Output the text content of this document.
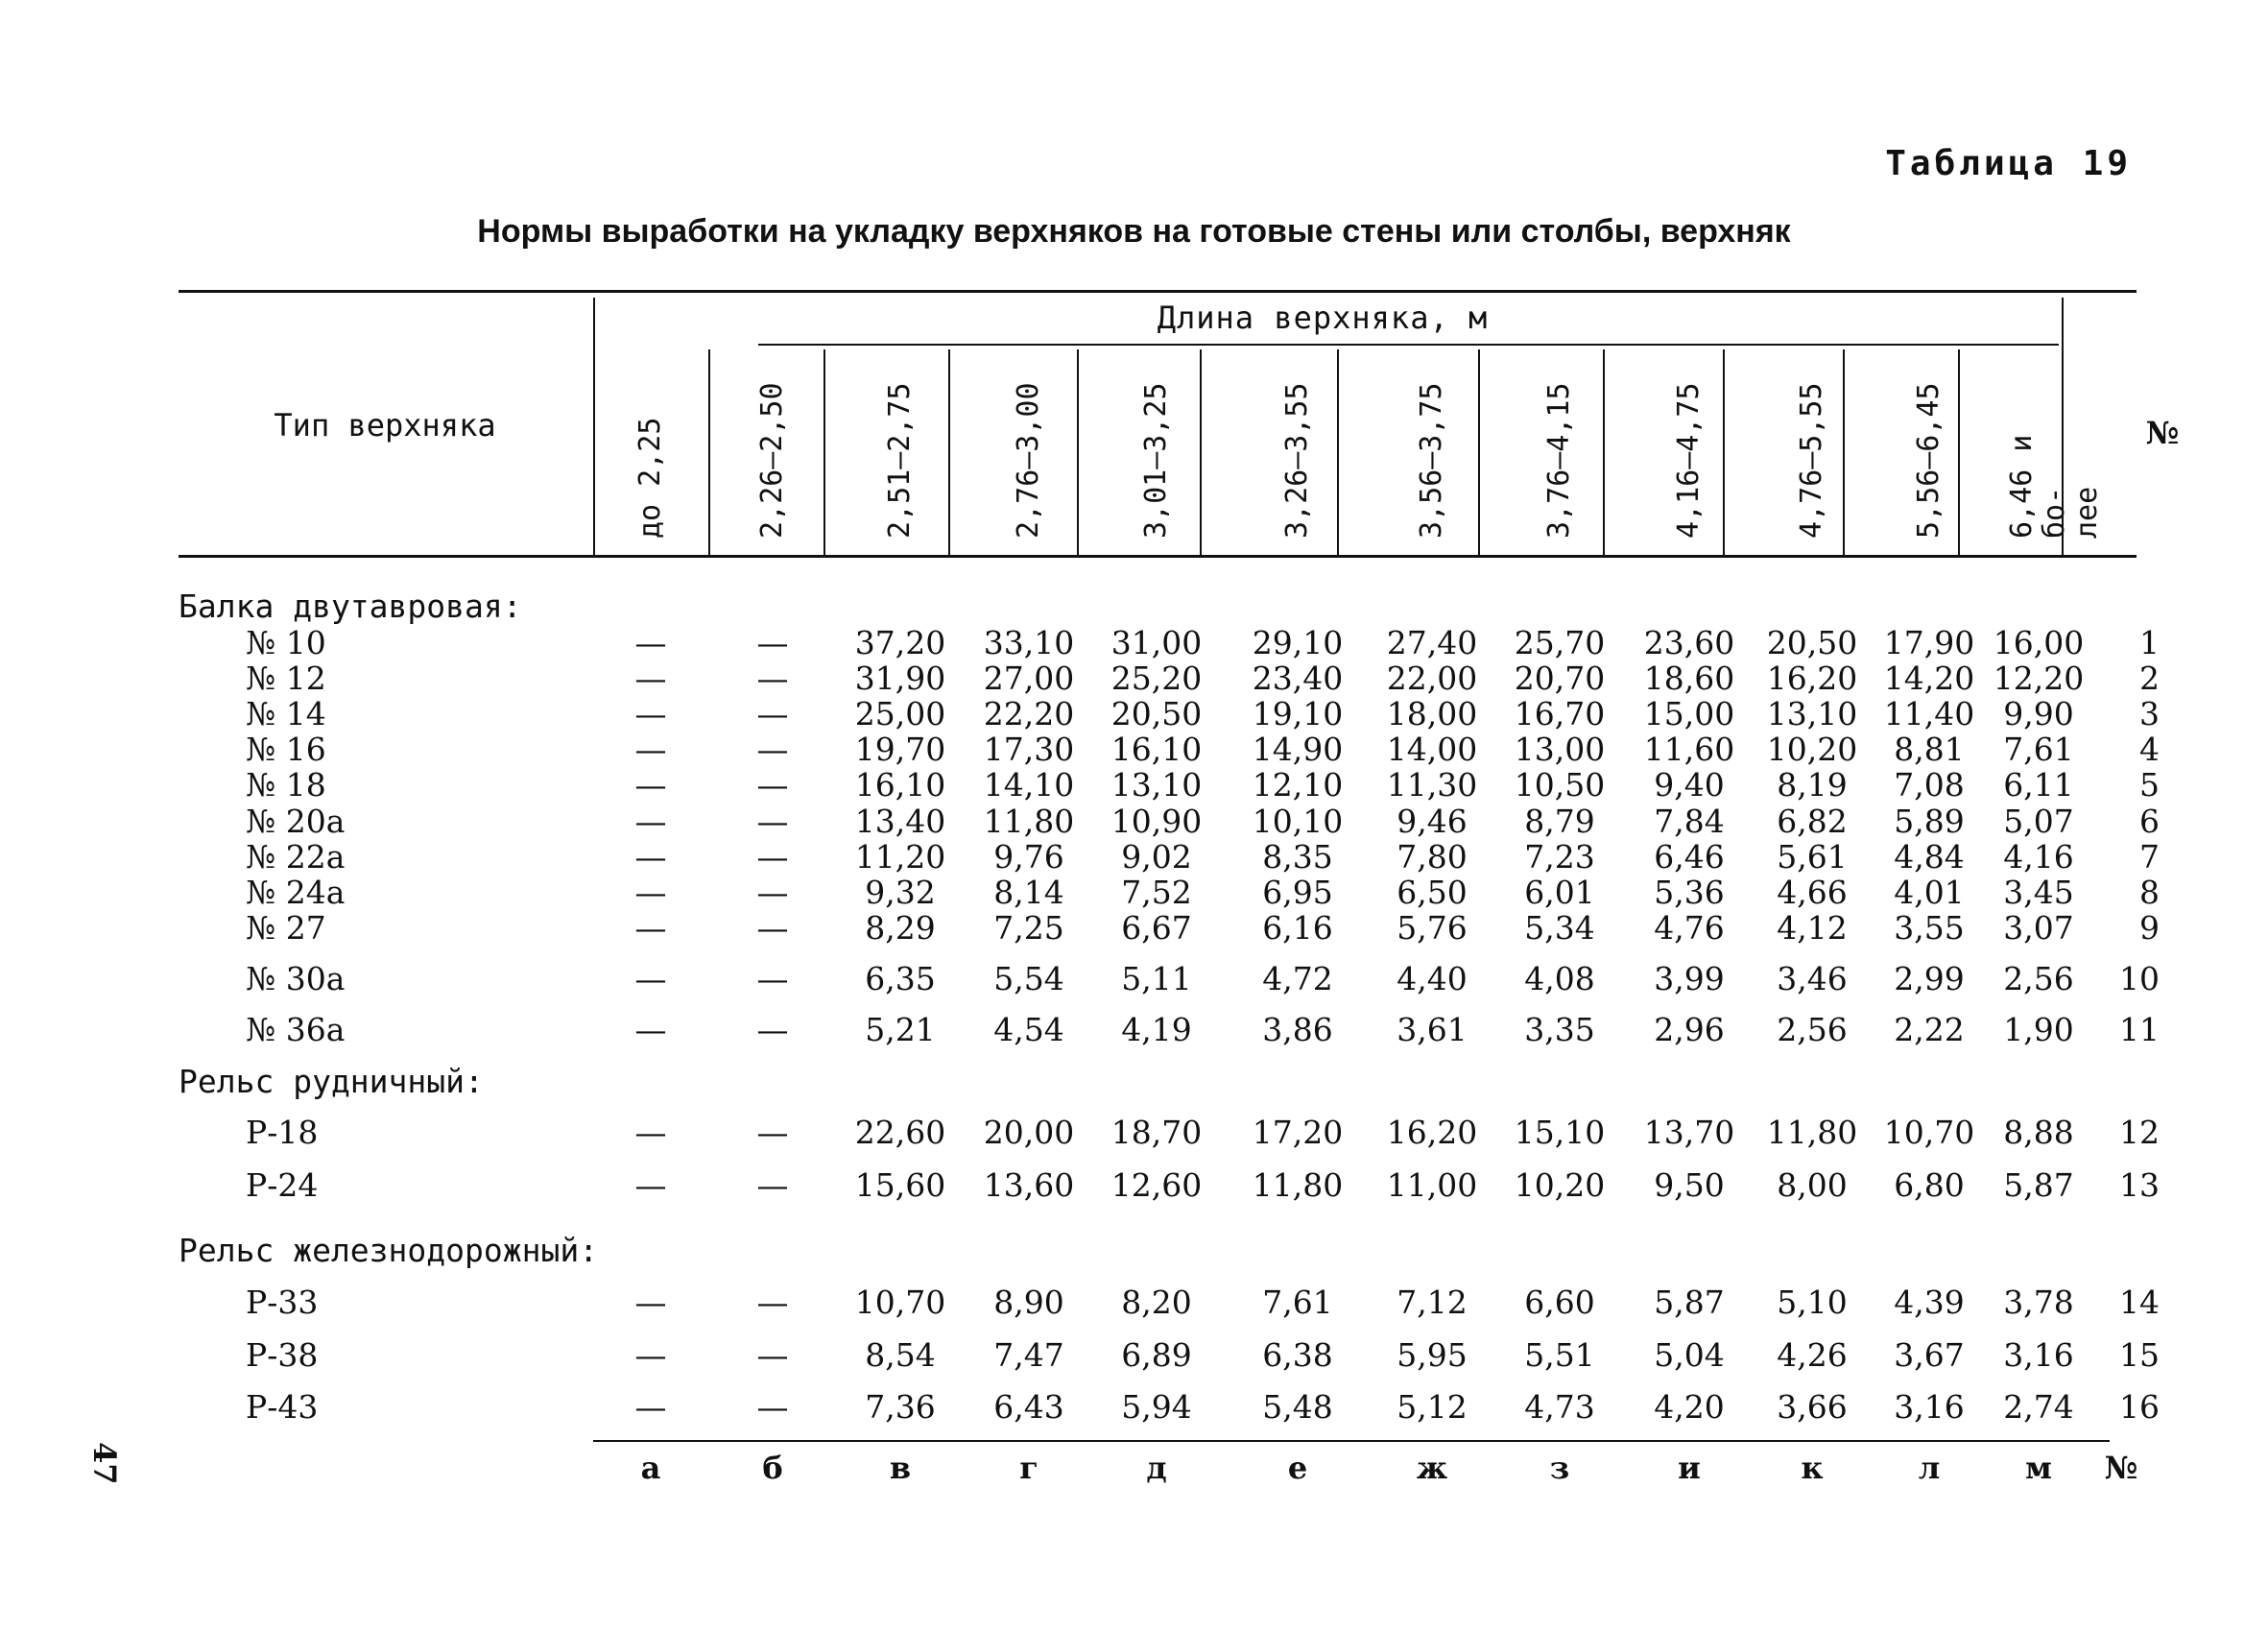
47
Таблица 19
Нормы выработки на укладку верхняков на готовые стены или столбы, верхняк
Длина верхняка, м
Тип верхняка	№
до 2,25	2,26—2,50	2,51—2,75	2,76—3,00	3,01—3,25	3,26—3,55	3,56—3,75	3,76—4,15	4,16—4,75	4,76—5,55	5,56—6,45 6,46 и бо- лее
Балка двутавровая:
№ 10	—	—	37,20	33,10	31,00	29,10	27,40	25,70	23,60	20,50 17,90 16,00	1
№ 12	—	—	31,90	27,00	25,20	23,40	22,00	20,70	18,60	16,20 14,20 12,20	2
№ 14	—	—	25,00	22,20	20,50	19,10	18,00	16,70	15,00	13,10 11,40 9,90	3
№ 16	—	—	19,70	17,30	16,10	14,90	14,00	13,00	11,60	10,20	8,81	7,61	4
№ 18	—	—	16,10	14,10	13,10	12,10	11,30	10,50	9,40	8,19	7,08	6,11	5
№ 20а	—	—	13,40	11,80	10,90	10,10	9,46	8,79	7,84	6,82	5,89	5,07	6
№ 22а	—	—	11,20	9,76	9,02	8,35	7,80	7,23	6,46	5,61	4,84	4,16	7
№ 24а	—	—	9,32	8,14	7,52	6,95	6,50	6,01	5,36	4,66	4,01	3,45	8
№ 27	—	—	8,29	7,25	6,67	6,16	5,76	5,34	4,76	4,12	3,55	3,07	9
№ 30а	—	—	6,35	5,54	5,11	4,72	4,40	4,08	3,99	3,46	2,99	2,56	10
№ 36а	—	—	5,21	4,54	4,19	3,86	3,61	3,35	2,96	2,56	2,22	1,90	11
Рельс рудничный:
Р-18	—	—	22,60	20,00	18,70	17,20	16,20	15,10	13,70	11,80 10,70 8,88	12
Р-24	—	—	15,60	13,60	12,60	11,80	11,00	10,20	9,50	8,00	6,80	5,87	13
Рельс железнодорожный:
Р-33	—	—	10,70	8,90	8,20	7,61	7,12	6,60	5,87	5,10	4,39	3,78	14
Р-38	—	—	8,54	7,47	6,89	6,38	5,95	5,51	5,04	4,26	3,67	3,16	15
Р-43	—	—	7,36	6,43	5,94	5,48	5,12	4,73	4,20	3,66	3,16	2,74	16
а	б	в	г	д	е	ж	з	и	к	л	м	№
